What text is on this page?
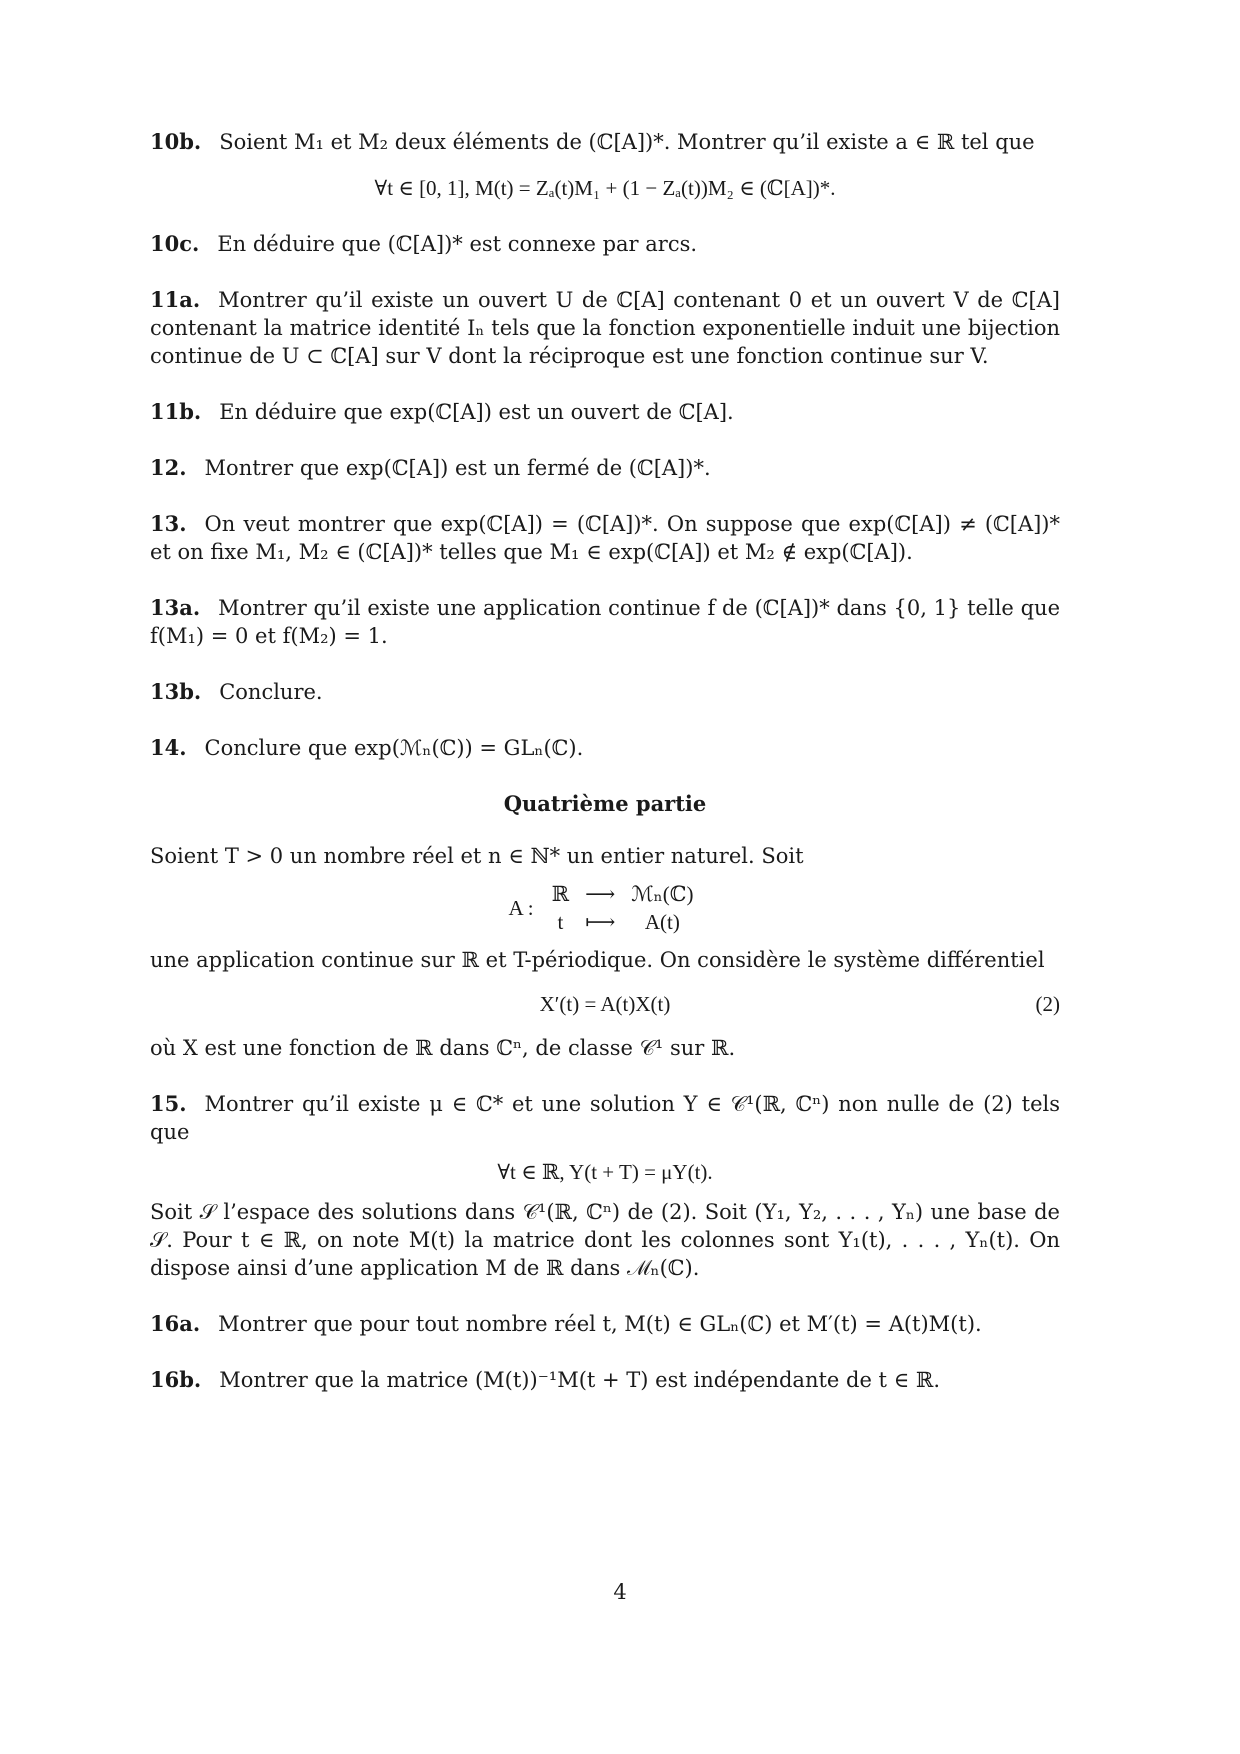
10b. Soient M₁ et M₂ deux éléments de (ℂ[A])*. Montrer qu’il existe a ∈ ℝ tel que
∀t ∈ [0, 1], M(t) = Zₐ(t)M₁ + (1 − Zₐ(t))M₂ ∈ (ℂ[A])*.
10c. En déduire que (ℂ[A])* est connexe par arcs.
11a. Montrer qu’il existe un ouvert U de ℂ[A] contenant 0 et un ouvert V de ℂ[A] contenant la matrice identité Iₙ tels que la fonction exponentielle induit une bijection continue de U ⊂ ℂ[A] sur V dont la réciproque est une fonction continue sur V.
11b. En déduire que exp(ℂ[A]) est un ouvert de ℂ[A].
12. Montrer que exp(ℂ[A]) est un fermé de (ℂ[A])*.
13. On veut montrer que exp(ℂ[A]) = (ℂ[A])*. On suppose que exp(ℂ[A]) ≠ (ℂ[A])* et on fixe M₁, M₂ ∈ (ℂ[A])* telles que M₁ ∈ exp(ℂ[A]) et M₂ ∉ exp(ℂ[A]).
13a. Montrer qu’il existe une application continue f de (ℂ[A])* dans {0, 1} telle que f(M₁) = 0 et f(M₂) = 1.
13b. Conclure.
14. Conclure que exp(ℳₙ(ℂ)) = GLₙ(ℂ).
Quatrième partie
Soient T > 0 un nombre réel et n ∈ ℕ* un entier naturel. Soit
A :
ℝ	⟶	ℳₙ(ℂ)
t	⟼	A(t)
une application continue sur ℝ et T-périodique. On considère le système différentiel
X′(t) = A(t)X(t)	(2)
où X est une fonction de ℝ dans ℂⁿ, de classe 𝒞¹ sur ℝ.
15. Montrer qu’il existe μ ∈ ℂ* et une solution Y ∈ 𝒞¹(ℝ, ℂⁿ) non nulle de (2) tels que
∀t ∈ ℝ, Y(t + T) = μY(t).
Soit 𝒮 l’espace des solutions dans 𝒞¹(ℝ, ℂⁿ) de (2). Soit (Y₁, Y₂, . . . , Yₙ) une base de 𝒮. Pour t ∈ ℝ, on note M(t) la matrice dont les colonnes sont Y₁(t), . . . , Yₙ(t). On dispose ainsi d’une application M de ℝ dans ℳₙ(ℂ).
16a. Montrer que pour tout nombre réel t, M(t) ∈ GLₙ(ℂ) et M′(t) = A(t)M(t).
16b. Montrer que la matrice (M(t))⁻¹M(t + T) est indépendante de t ∈ ℝ.
4
